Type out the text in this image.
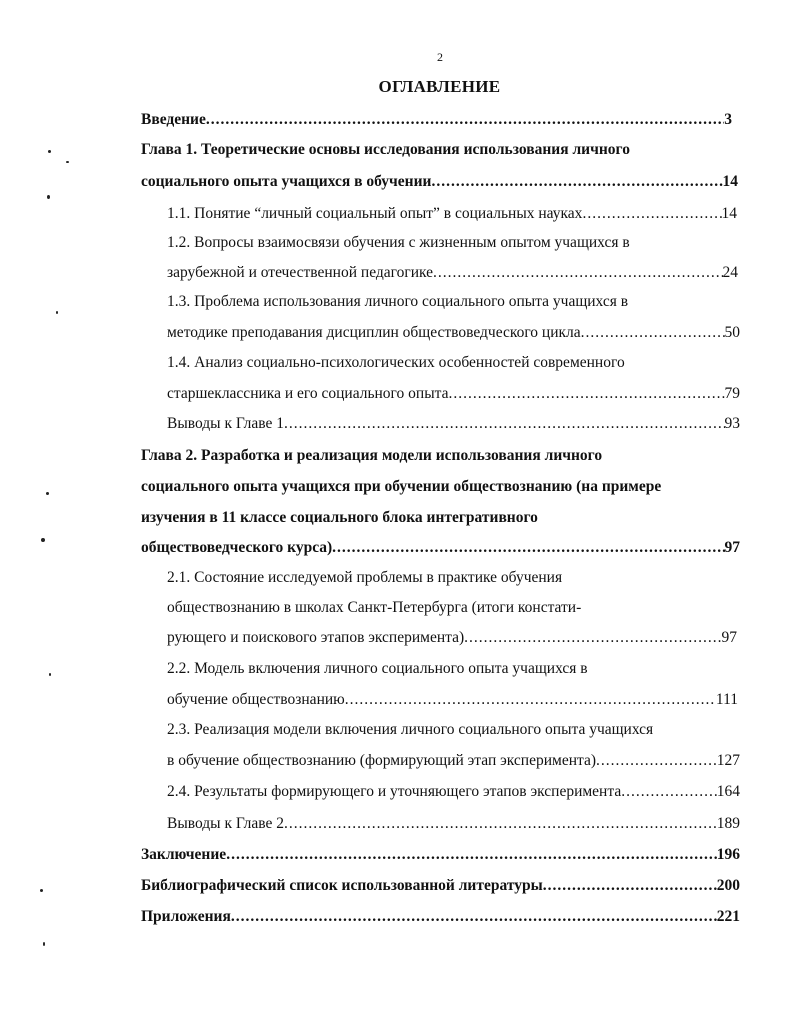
2
ОГЛАВЛЕНИЕ
Введение .....	3
Глава 1. Теоретические основы исследования использования личного
социального опыта учащихся в обучении .....	14
1.1. Понятие “личный социальный опыт” в социальных науках .....	14
1.2. Вопросы взаимосвязи обучения с жизненным опытом учащихся в
зарубежной и отечественной педагогике .....	24
1.3. Проблема использования личного социального опыта учащихся в
методике преподавания дисциплин обществоведческого цикла .....	50
1.4. Анализ социально-психологических особенностей современного
старшеклассника и его социального опыта .....	79
Выводы к Главе 1 .....	93
Глава 2. Разработка и реализация модели использования личного
социального опыта учащихся при обучении обществознанию (на примере
изучения в 11 классе социального блока интегративного
обществоведческого курса) .....	97
2.1. Состояние исследуемой проблемы в практике обучения
обществознанию в школах Санкт-Петербурга (итоги констати-
рующего и поискового этапов эксперимента) .....	97
2.2. Модель включения личного социального опыта учащихся в
обучение обществознанию .....	111
2.3. Реализация модели включения личного социального опыта учащихся
в обучение обществознанию (формирующий этап эксперимента) .....	127
2.4. Результаты формирующего и уточняющего этапов эксперимента .....	164
Выводы к Главе 2 .....	189
Заключение .....	196
Библиографический список использованной литературы .....	200
Приложения .....	221
